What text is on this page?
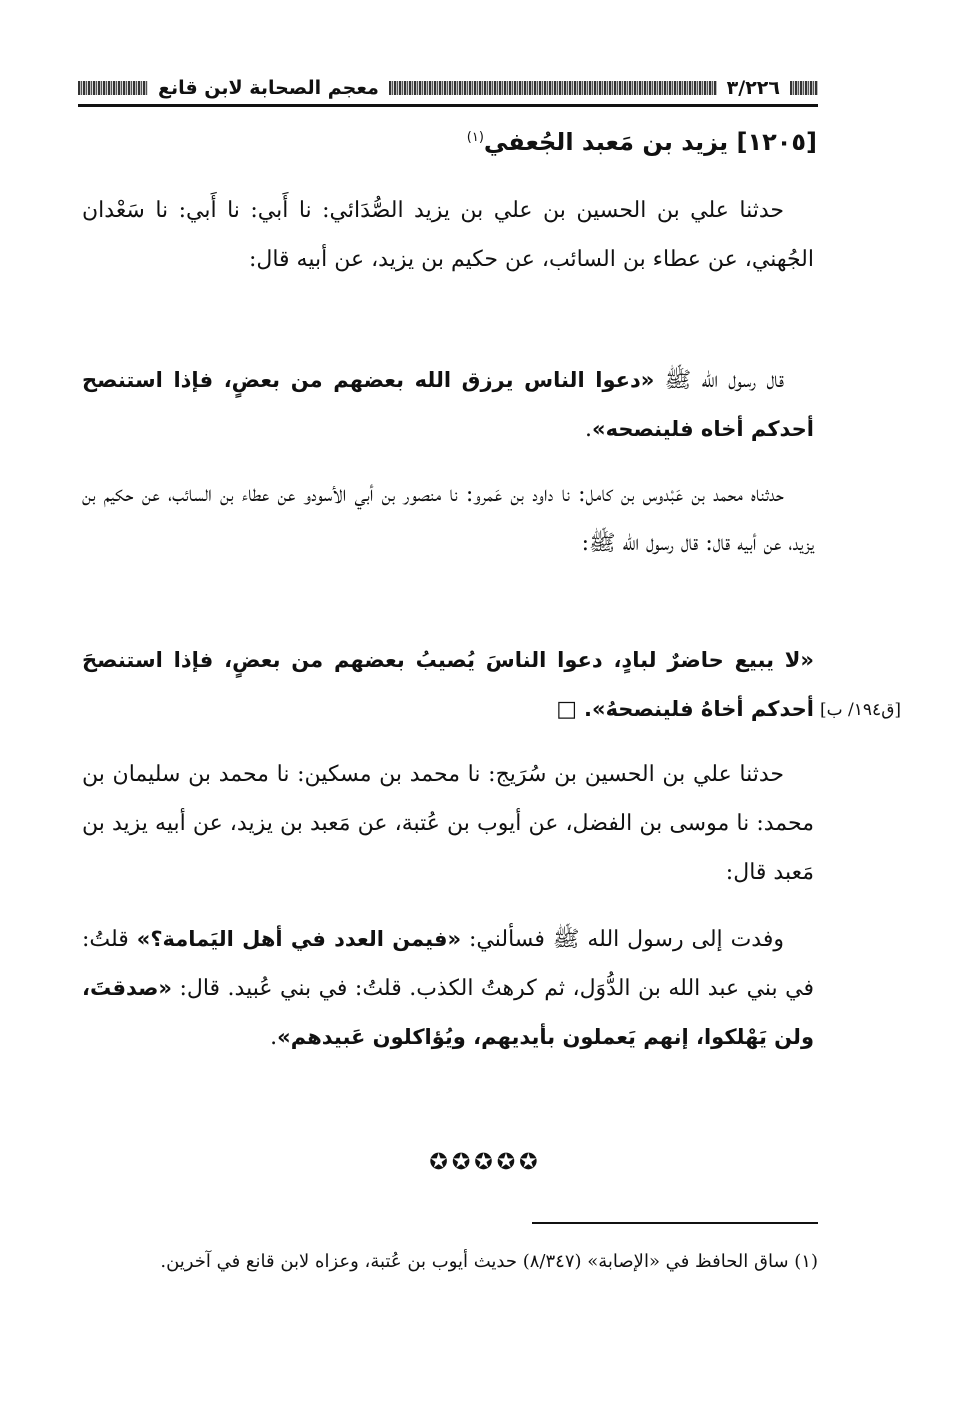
٣/٢٢٦
معجم الصحابة لابن قانع
[١٢٠٥] يزيد بن مَعبد الجُعفي$^{(١)}$
حدثنا علي بن الحسين بن علي بن يزيد الصُّدَائي: نا أَبي: نا أَبي: نا سَعْدان الجُهني، عن عطاء بن السائب، عن حكيم بن يزيد، عن أبيه قال:
قال رسول الله ﷺ «دعوا الناس يرزق الله بعضهم من بعضٍ، فإذا استنصح أحدكم أخاه فلينصحه».
حدثناه محمد بن عَبْدوس بن كامل: نا داود بن عَمرو: نا منصور بن أبي الأسودو عن عطاء بن السائب، عن حكيم بن يزيد، عن أبيه قال: قال رسول الله ﷺ:
«لا يبيع حاضرٌ لبادٍ، دعوا الناسَ يُصيبُ بعضهم من بعضٍ، فإذا استنصحَ أحدكم أخاهُ فلينصحهُ». □	[ق١٩٤/ ب]
حدثنا علي بن الحسين بن سُرَيج: نا محمد بن مسكين: نا محمد بن سليمان بن محمد: نا موسى بن الفضل، عن أيوب بن عُتبة، عن مَعبد بن يزيد، عن أبيه يزيد بن مَعبد قال:
وفدت إلى رسول الله ﷺ فسألني: «فيمن العدد في أهل اليَمامة؟» قلتُ: في بني عبد الله بن الدُّوَل، ثم كرهتُ الكذب. قلتُ: في بني عُبيد. قال: «صدقتَ، ولن يَهْلكوا، إنهم يَعملون بأيديهم، ويُؤاكلون عَبيدهم».
✪✪✪✪✪
(١) ساق الحافظ في «الإصابة» (٨/٣٤٧) حديث أيوب بن عُتبة، وعزاه لابن قانع في آخرين.
